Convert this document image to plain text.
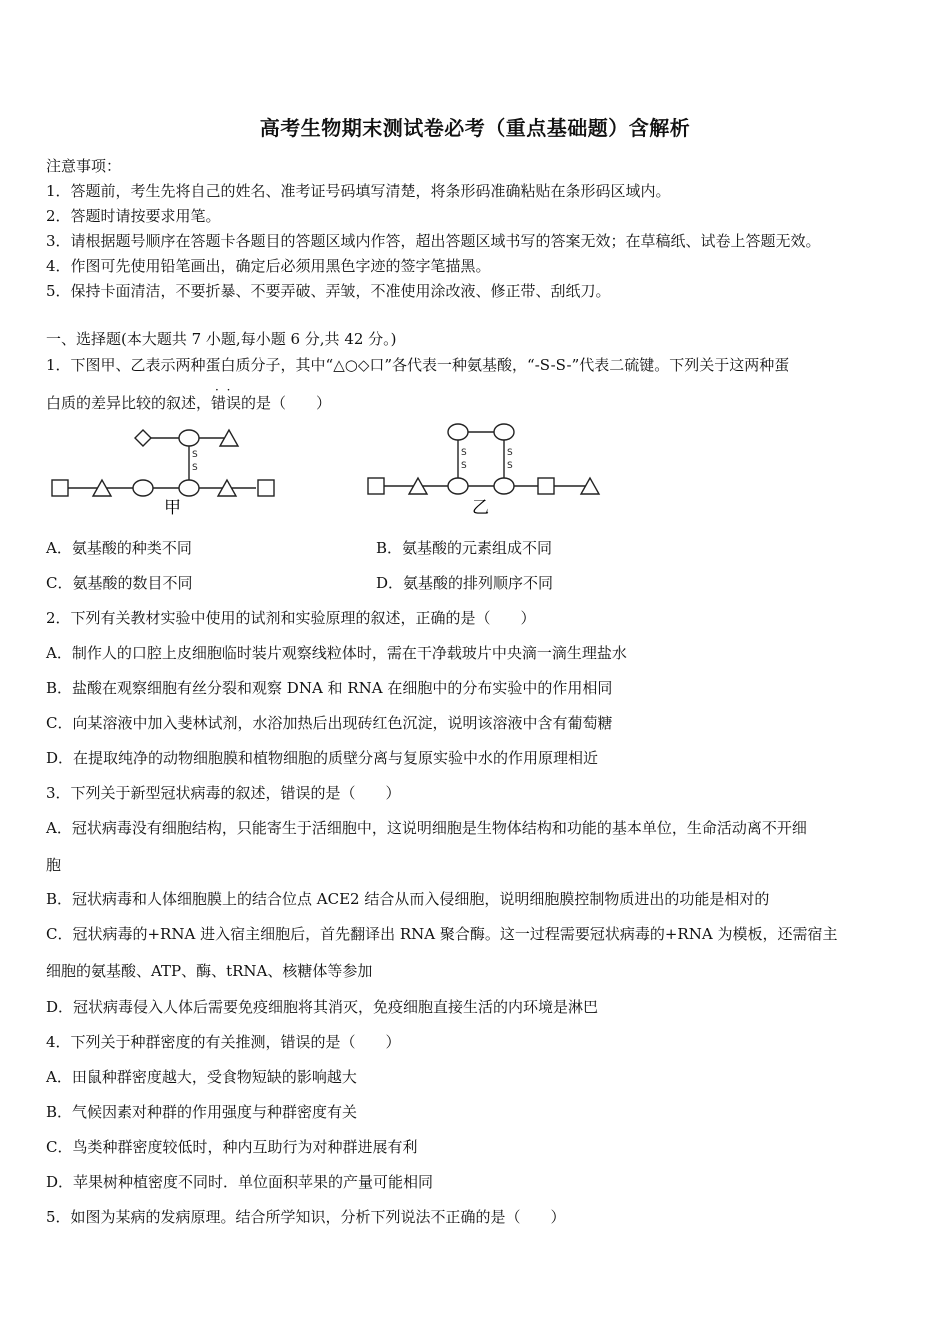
高考生物期末测试卷必考（重点基础题）含解析
注意事项：
1．答题前，考生先将自己的姓名、准考证号码填写清楚，将条形码准确粘贴在条形码区域内。
2．答题时请按要求用笔。
3．请根据题号顺序在答题卡各题目的答题区域内作答，超出答题区域书写的答案无效；在草稿纸、试卷上答题无效。
4．作图可先使用铅笔画出，确定后必须用黑色字迹的签字笔描黑。
5．保持卡面清洁，不要折暴、不要弄破、弄皱，不准使用涂改液、修正带、刮纸刀。
一、选择题(本大题共 7 小题,每小题 6 分,共 42 分。)
1．下图甲、乙表示两种蛋白质分子，其中“△○◇口”各代表一种氨基酸，“-S-S-”代表二硫键。下列关于这两种蛋
白质的差异比较的叙述，· · 错误的是（　　）
S
S
S
S
S
S
甲	乙
A．氨基酸的种类不同	B．氨基酸的元素组成不同
C．氨基酸的数目不同	D．氨基酸的排列顺序不同
2．下列有关教材实验中使用的试剂和实验原理的叙述，正确的是（　　）
A．制作人的口腔上皮细胞临时装片观察线粒体时，需在干净载玻片中央滴一滴生理盐水
B．盐酸在观察细胞有丝分裂和观察 DNA 和 RNA 在细胞中的分布实验中的作用相同
C．向某溶液中加入斐林试剂，水浴加热后出现砖红色沉淀，说明该溶液中含有葡萄糖
D．在提取纯净的动物细胞膜和植物细胞的质壁分离与复原实验中水的作用原理相近
3．下列关于新型冠状病毒的叙述，错误的是（　　）
A．冠状病毒没有细胞结构，只能寄生于活细胞中，这说明细胞是生物体结构和功能的基本单位，生命活动离不开细
胞
B．冠状病毒和人体细胞膜上的结合位点 ACE2 结合从而入侵细胞，说明细胞膜控制物质进出的功能是相对的
C．冠状病毒的+RNA 进入宿主细胞后，首先翻译出 RNA 聚合酶。这一过程需要冠状病毒的+RNA 为模板，还需宿主
细胞的氨基酸、ATP、酶、tRNA、核糖体等参加
D．冠状病毒侵入人体后需要免疫细胞将其消灭，免疫细胞直接生活的内环境是淋巴
4．下列关于种群密度的有关推测，错误的是（　　）
A．田鼠种群密度越大，受食物短缺的影响越大
B．气候因素对种群的作用强度与种群密度有关
C．鸟类种群密度较低时，种内互助行为对种群进展有利
D．苹果树种植密度不同时．单位面积苹果的产量可能相同
5．如图为某病的发病原理。结合所学知识，分析下列说法不正确的是（　　）
